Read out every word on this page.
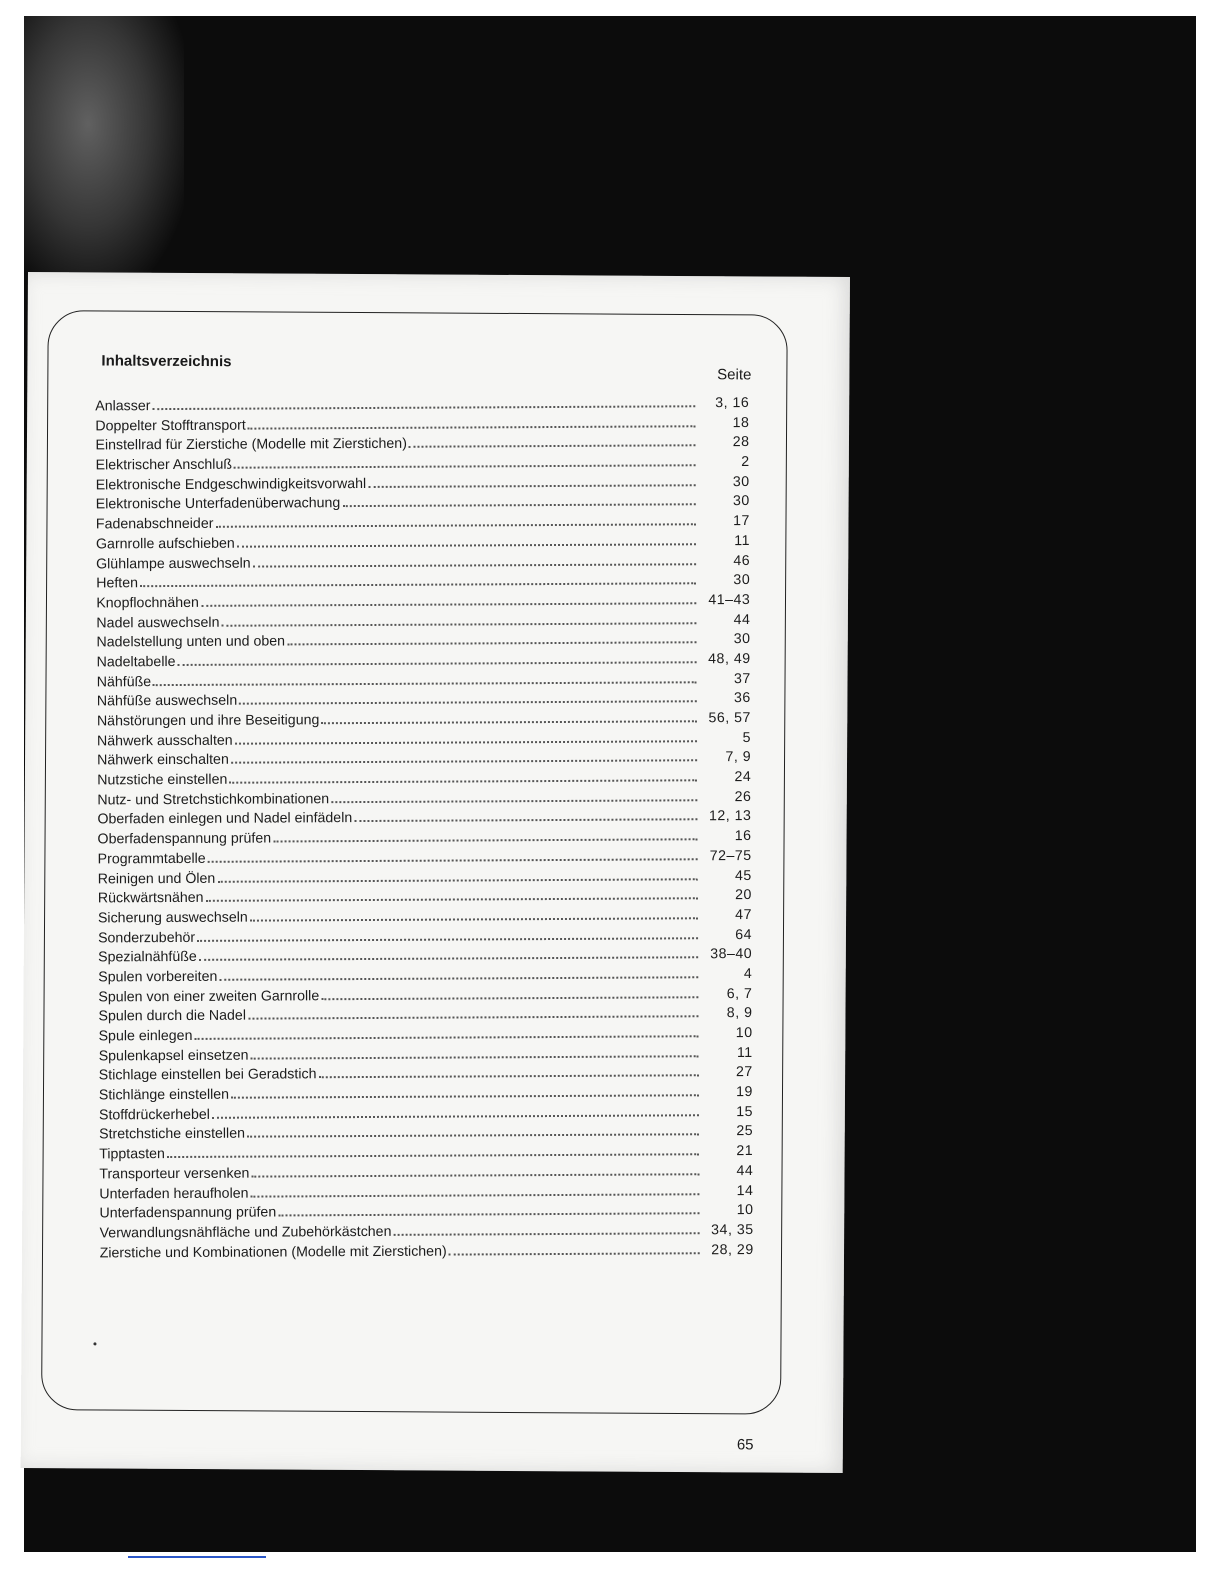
Inhaltsverzeichnis
Seite
Anlasser	3, 16
Doppelter Stofftransport	18
Einstellrad für Zierstiche (Modelle mit Zierstichen)	28
Elektrischer Anschluß	2
Elektronische Endgeschwindigkeitsvorwahl	30
Elektronische Unterfadenüberwachung	30
Fadenabschneider	17
Garnrolle aufschieben	11
Glühlampe auswechseln	46
Heften	30
Knopflochnähen	41–43
Nadel auswechseln	44
Nadelstellung unten und oben	30
Nadeltabelle	48, 49
Nähfüße	37
Nähfüße auswechseln	36
Nähstörungen und ihre Beseitigung	56, 57
Nähwerk ausschalten	5
Nähwerk einschalten	7, 9
Nutzstiche einstellen	24
Nutz- und Stretchstichkombinationen	26
Oberfaden einlegen und Nadel einfädeln	12, 13
Oberfadenspannung prüfen	16
Programmtabelle	72–75
Reinigen und Ölen	45
Rückwärtsnähen	20
Sicherung auswechseln	47
Sonderzubehör	64
Spezialnähfüße	38–40
Spulen vorbereiten	4
Spulen von einer zweiten Garnrolle	6, 7
Spulen durch die Nadel	8, 9
Spule einlegen	10
Spulenkapsel einsetzen	11
Stichlage einstellen bei Geradstich	27
Stichlänge einstellen	19
Stoffdrückerhebel	15
Stretchstiche einstellen	25
Tipptasten	21
Transporteur versenken	44
Unterfaden heraufholen	14
Unterfadenspannung prüfen	10
Verwandlungsnähfläche und Zubehörkästchen	34, 35
Zierstiche und Kombinationen (Modelle mit Zierstichen)	28, 29
65
